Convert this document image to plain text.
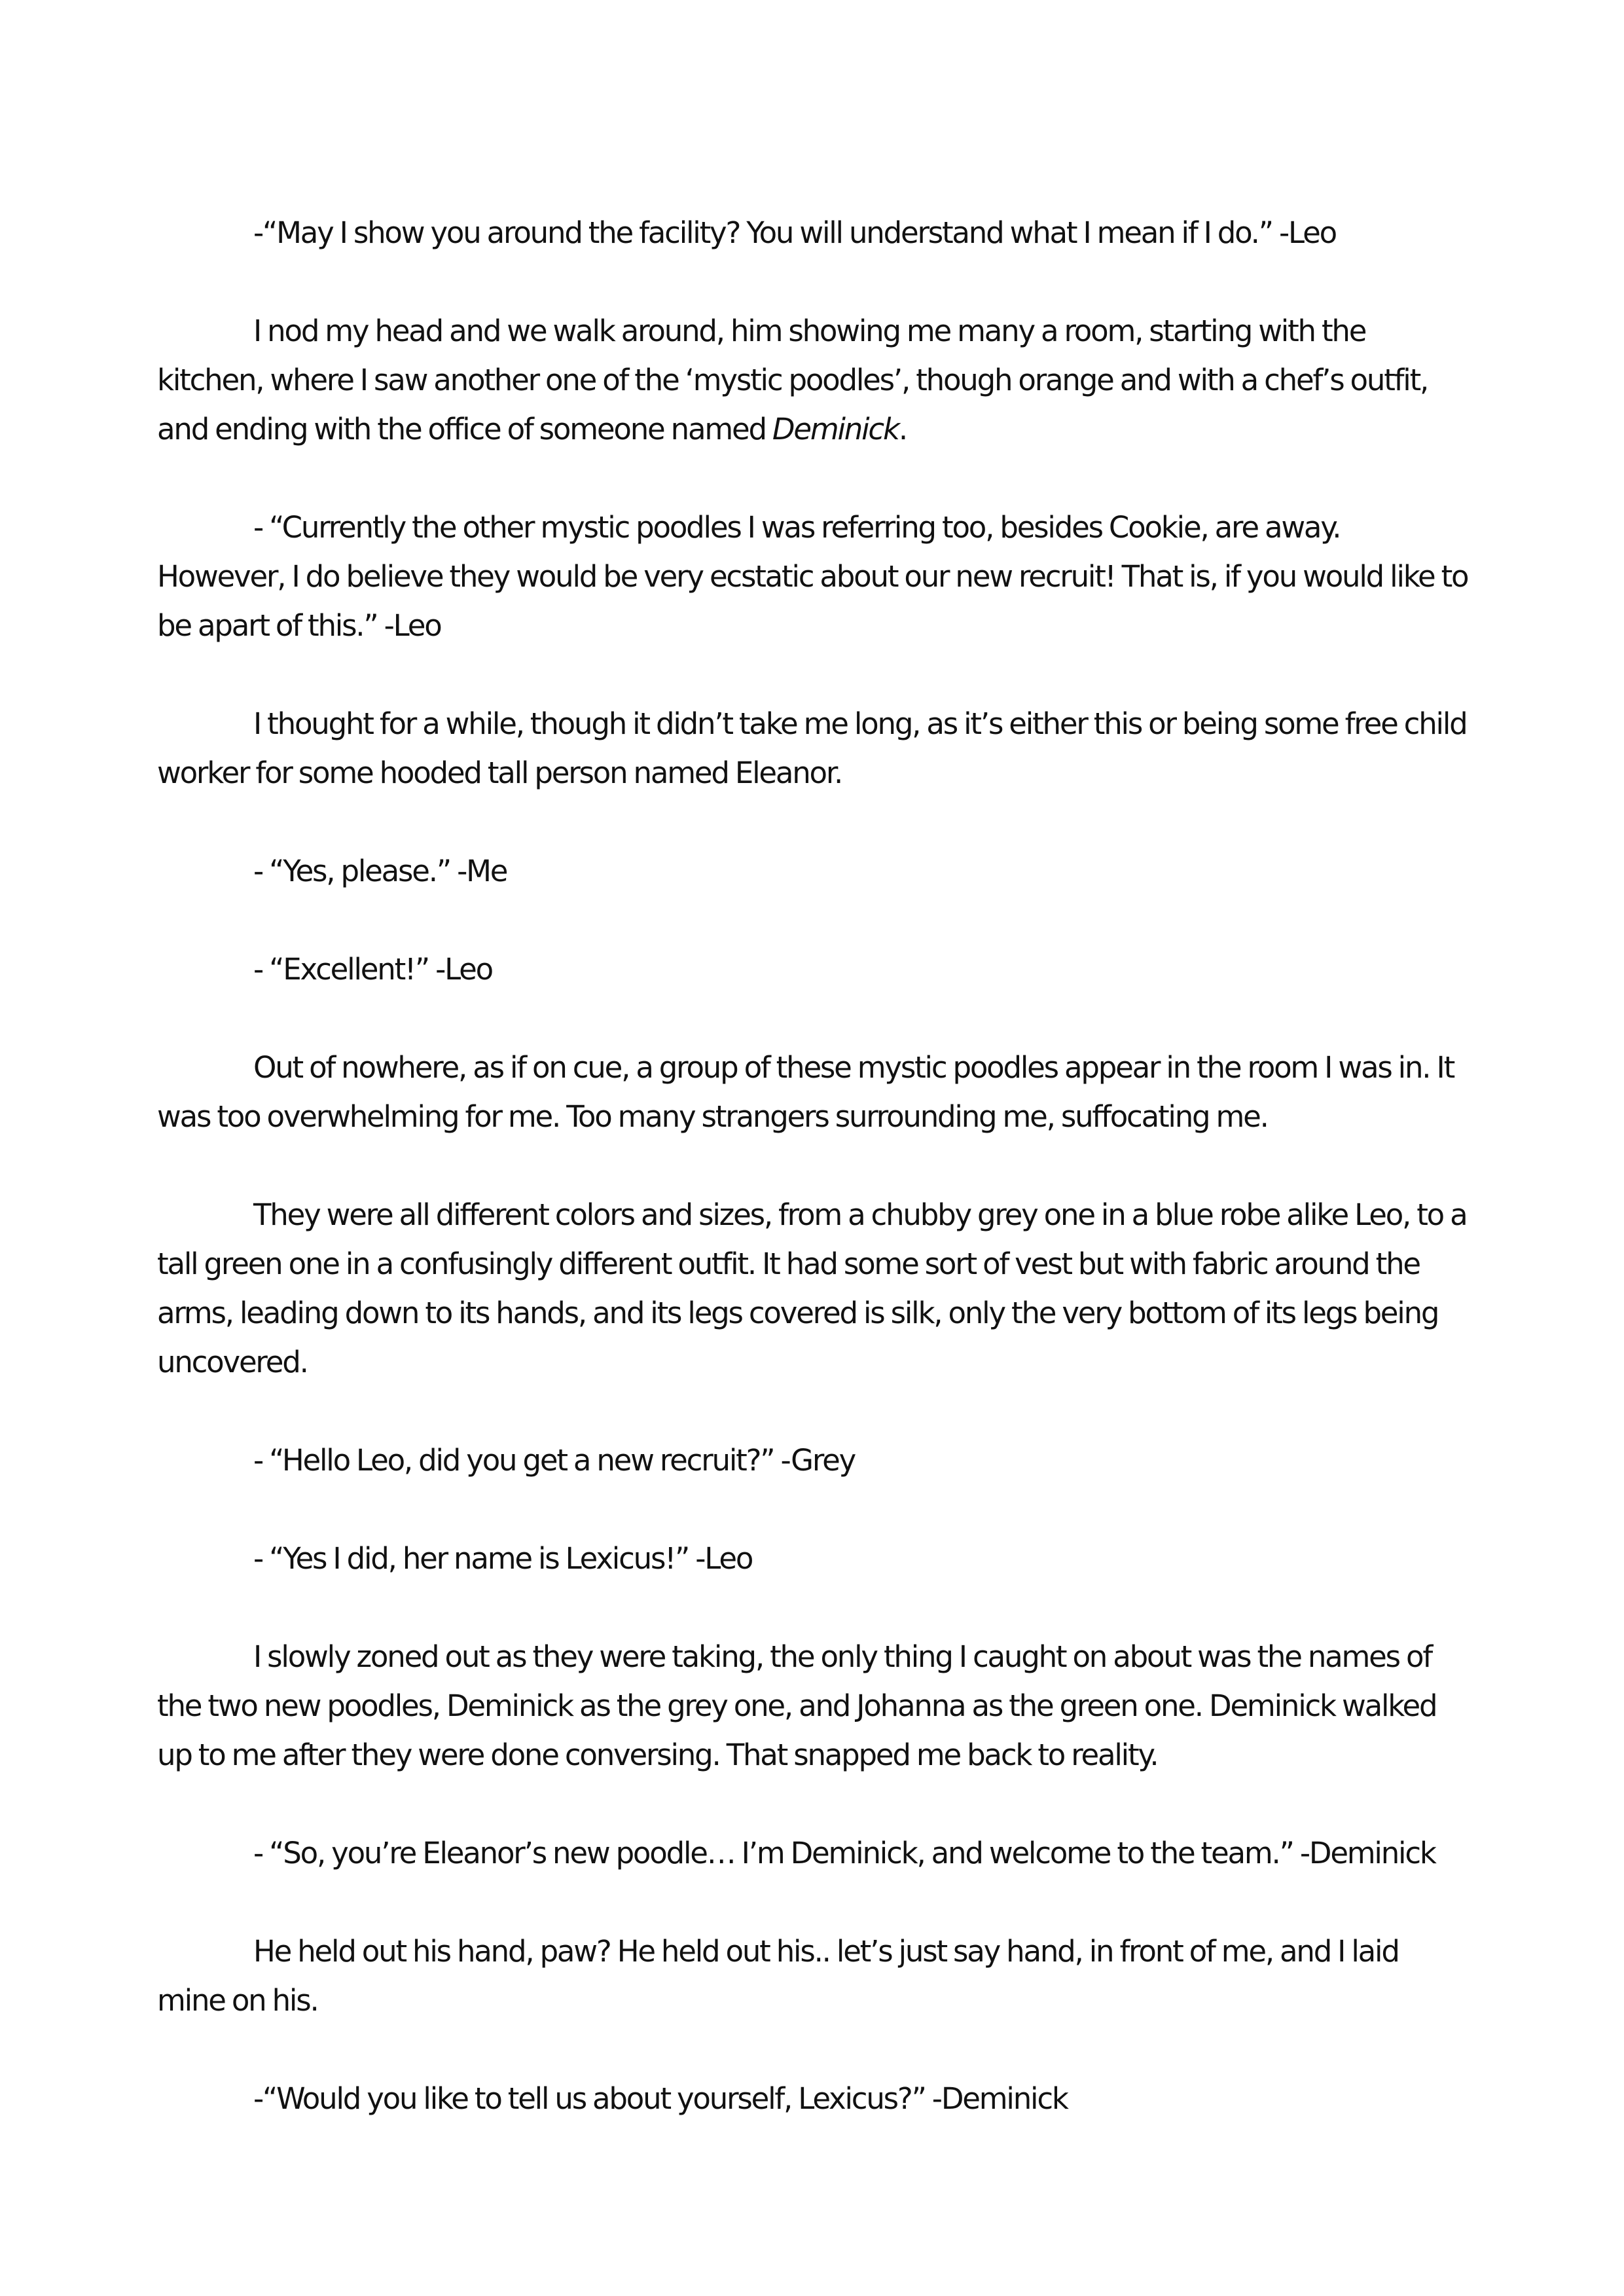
-“May I show you around the facility? You will understand what I mean if I do.” -Leo

I nod my head and we walk around, him showing me many a room, starting with the kitchen, where I saw another one of the ‘mystic poodles’, though orange and with a chef’s outfit, and ending with the office of someone named Deminick.

- “Currently the other mystic poodles I was referring too, besides Cookie, are away. However, I do believe they would be very ecstatic about our new recruit! That is, if you would like to be apart of this.” -Leo

I thought for a while, though it didn’t take me long, as it’s either this or being some free child worker for some hooded tall person named Eleanor.

- “Yes, please.” -Me

- “Excellent!” -Leo

Out of nowhere, as if on cue, a group of these mystic poodles appear in the room I was in. It was too overwhelming for me. Too many strangers surrounding me, suffocating me.

They were all different colors and sizes, from a chubby grey one in a blue robe alike Leo, to a tall green one in a confusingly different outfit. It had some sort of vest but with fabric around the arms, leading down to its hands, and its legs covered is silk, only the very bottom of its legs being uncovered.

- “Hello Leo, did you get a new recruit?” -Grey

- “Yes I did, her name is Lexicus!” -Leo

I slowly zoned out as they were taking, the only thing I caught on about was the names of the two new poodles, Deminick as the grey one, and Johanna as the green one. Deminick walked up to me after they were done conversing. That snapped me back to reality.

- “So, you’re Eleanor’s new poodle… I’m Deminick, and welcome to the team.” -Deminick

He held out his hand, paw? He held out his.. let’s just say hand, in front of me, and I laid mine on his.

-“Would you like to tell us about yourself, Lexicus?” -Deminick
